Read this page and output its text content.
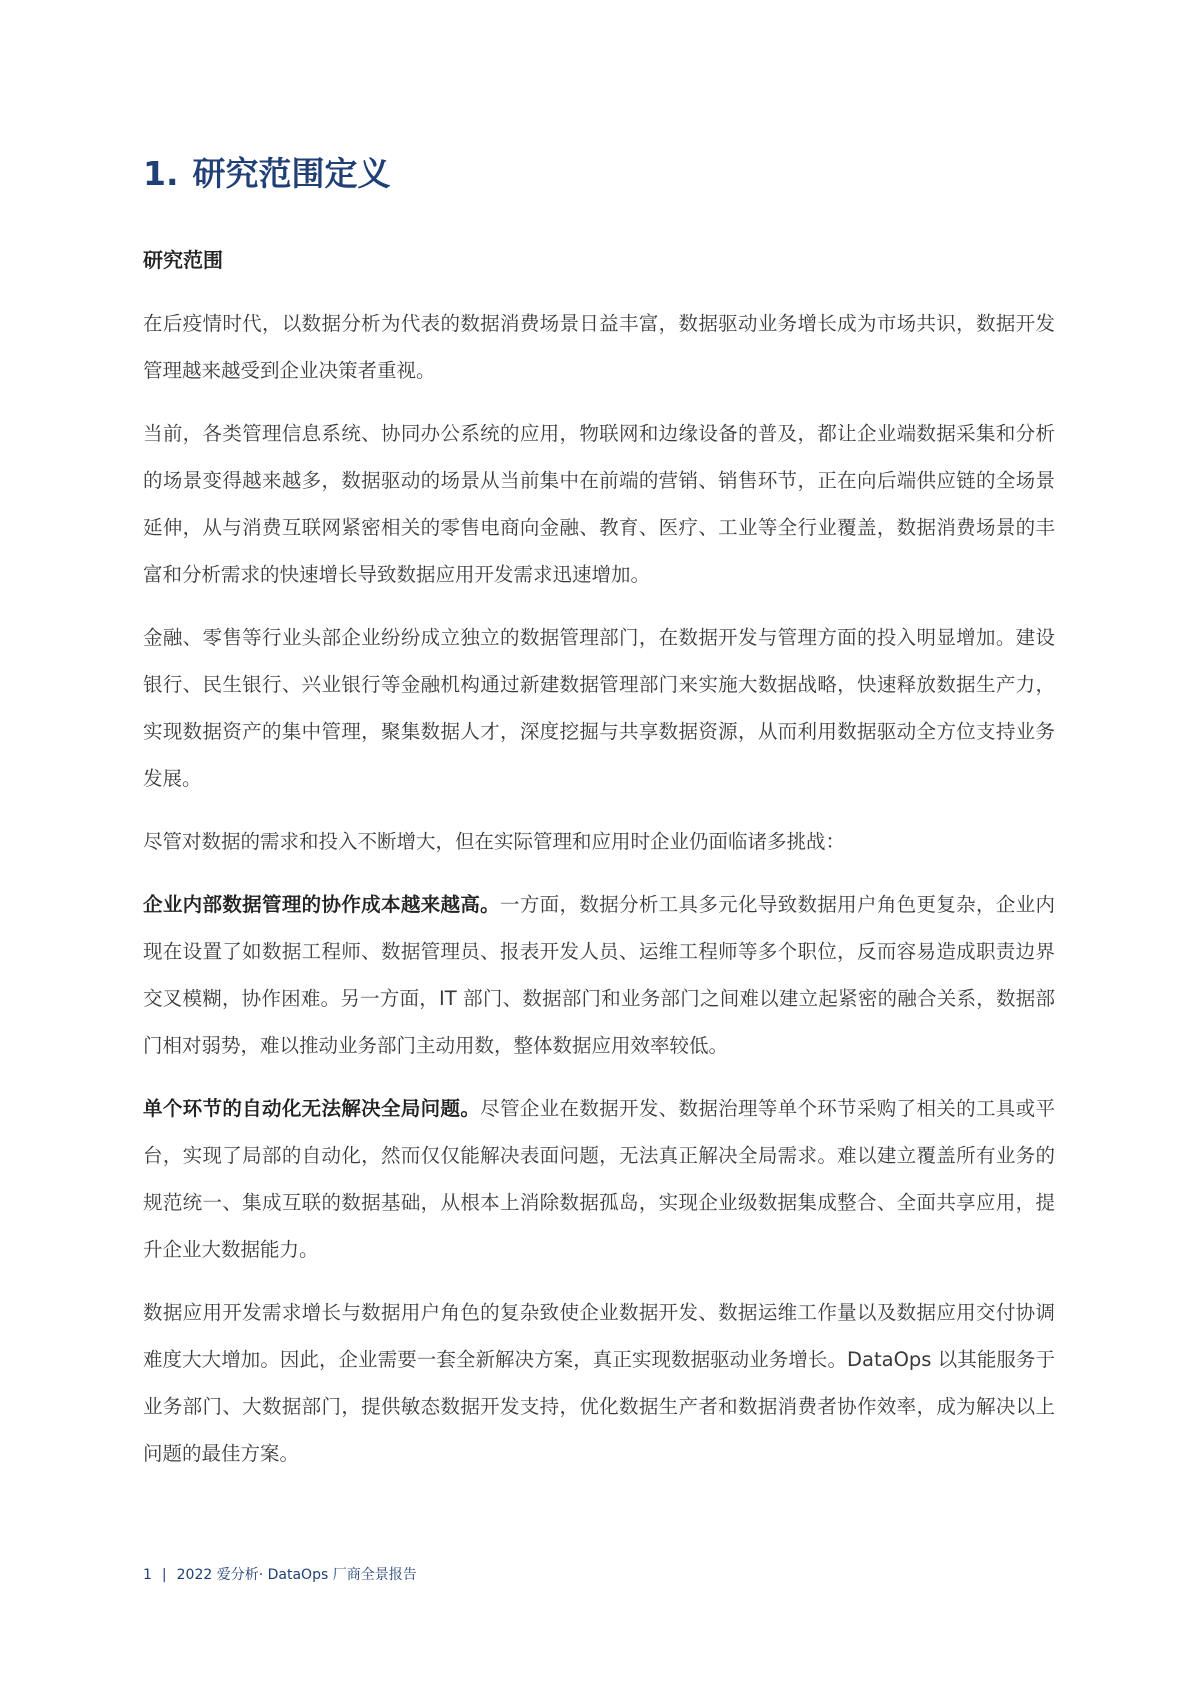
1. 研究范围定义
研究范围

在后疫情时代，以数据分析为代表的数据消费场景日益丰富，数据驱动业务增长成为市场共识，数据开发管理越来越受到企业决策者重视。

当前，各类管理信息系统、协同办公系统的应用，物联网和边缘设备的普及，都让企业端数据采集和分析的场景变得越来越多，数据驱动的场景从当前集中在前端的营销、销售环节，正在向后端供应链的全场景延伸，从与消费互联网紧密相关的零售电商向金融、教育、医疗、工业等全行业覆盖，数据消费场景的丰富和分析需求的快速增长导致数据应用开发需求迅速增加。

金融、零售等行业头部企业纷纷成立独立的数据管理部门，在数据开发与管理方面的投入明显增加。建设银行、民生银行、兴业银行等金融机构通过新建数据管理部门来实施大数据战略，快速释放数据生产力，实现数据资产的集中管理，聚集数据人才，深度挖掘与共享数据资源，从而利用数据驱动全方位支持业务发展。

尽管对数据的需求和投入不断增大，但在实际管理和应用时企业仍面临诸多挑战：

企业内部数据管理的协作成本越来越高。一方面，数据分析工具多元化导致数据用户角色更复杂，企业内现在设置了如数据工程师、数据管理员、报表开发人员、运维工程师等多个职位，反而容易造成职责边界交叉模糊，协作困难。另一方面，IT 部门、数据部门和业务部门之间难以建立起紧密的融合关系，数据部门相对弱势，难以推动业务部门主动用数，整体数据应用效率较低。

单个环节的自动化无法解决全局问题。尽管企业在数据开发、数据治理等单个环节采购了相关的工具或平台，实现了局部的自动化，然而仅仅能解决表面问题，无法真正解决全局需求。难以建立覆盖所有业务的规范统一、集成互联的数据基础，从根本上消除数据孤岛，实现企业级数据集成整合、全面共享应用，提升企业大数据能力。

数据应用开发需求增长与数据用户角色的复杂致使企业数据开发、数据运维工作量以及数据应用交付协调难度大大增加。因此，企业需要一套全新解决方案，真正实现数据驱动业务增长。DataOps 以其能服务于业务部门、大数据部门，提供敏态数据开发支持，优化数据生产者和数据消费者协作效率，成为解决以上问题的最佳方案。

1 | 2022 爱分析· DataOps 厂商全景报告
